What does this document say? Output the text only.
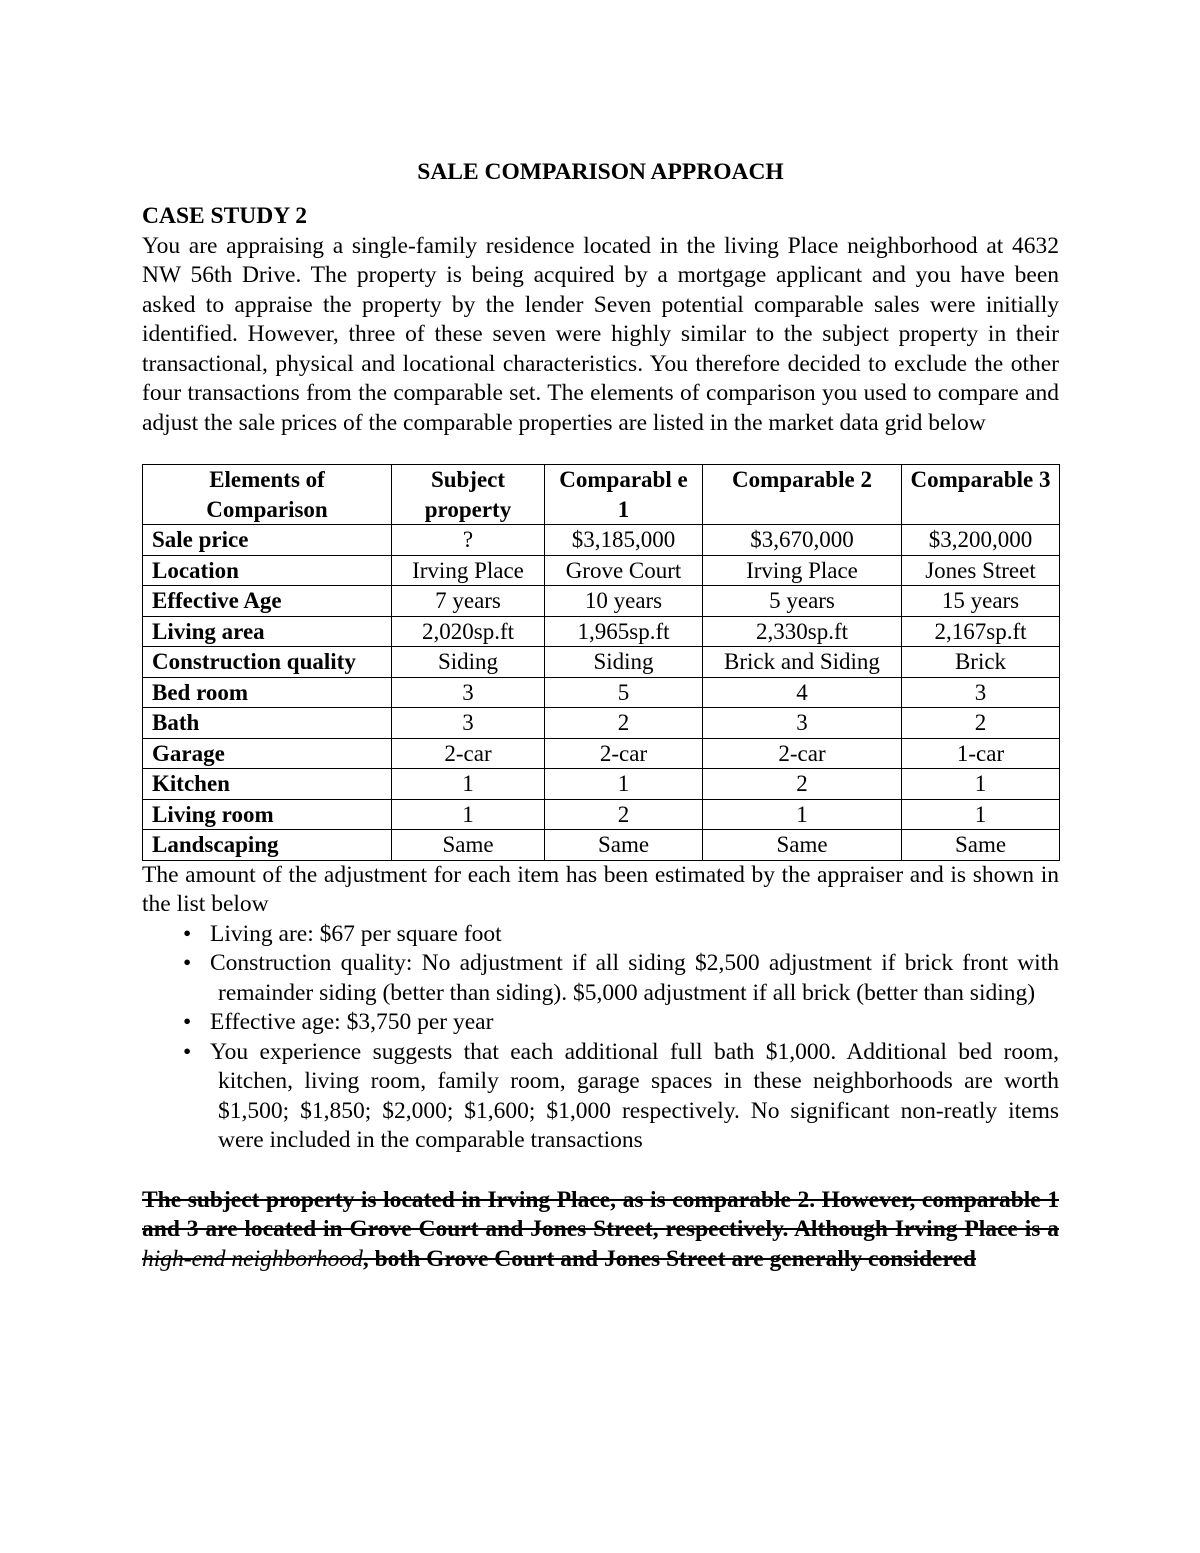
SALE COMPARISON APPROACH
CASE STUDY 2

You are appraising a single-family residence located in the living Place neighborhood at 4632 NW 56th Drive. The property is being acquired by a mortgage applicant and you have been asked to appraise the property by the lender Seven potential comparable sales were initially identified. However, three of these seven were highly similar to the subject property in their transactional, physical and locational characteristics. You therefore decided to exclude the other four transactions from the comparable set. The elements of comparison you used to compare and adjust the sale prices of the comparable properties are listed in the market data grid below

Elements of Comparison	Subject property	Comparabl e 1	Comparable 2	Comparable 3
Sale price	?	$3,185,000	$3,670,000	$3,200,000
Location	Irving Place	Grove Court	Irving Place	Jones Street
Effective Age	7 years	10 years	5 years	15 years
Living area	2,020sp.ft	1,965sp.ft	2,330sp.ft	2,167sp.ft
Construction quality	Siding	Siding	Brick and Siding	Brick
Bed room	3	5	4	3
Bath	3	2	3	2
Garage	2-car	2-car	2-car	1-car
Kitchen	1	1	2	1
Living room	1	2	1	1
Landscaping	Same	Same	Same	Same

The amount of the adjustment for each item has been estimated by the appraiser and is shown in the list below

• Living are: $67 per square foot
• Construction quality: No adjustment if all siding $2,500 adjustment if brick front with remainder siding (better than siding). $5,000 adjustment if all brick (better than siding)
• Effective age: $3,750 per year
• You experience suggests that each additional full bath $1,000. Additional bed room, kitchen, living room, family room, garage spaces in these neighborhoods are worth $1,500; $1,850; $2,000; $1,600; $1,000 respectively. No significant non-reatly items were included in the comparable transactions
The subject property is located in Irving Place, as is comparable 2. However, comparable 1 and 3 are located in Grove Court and Jones Street, respectively. Although Irving Place is a high-end neighborhood, both Grove Court and Jones Street are generally considered
